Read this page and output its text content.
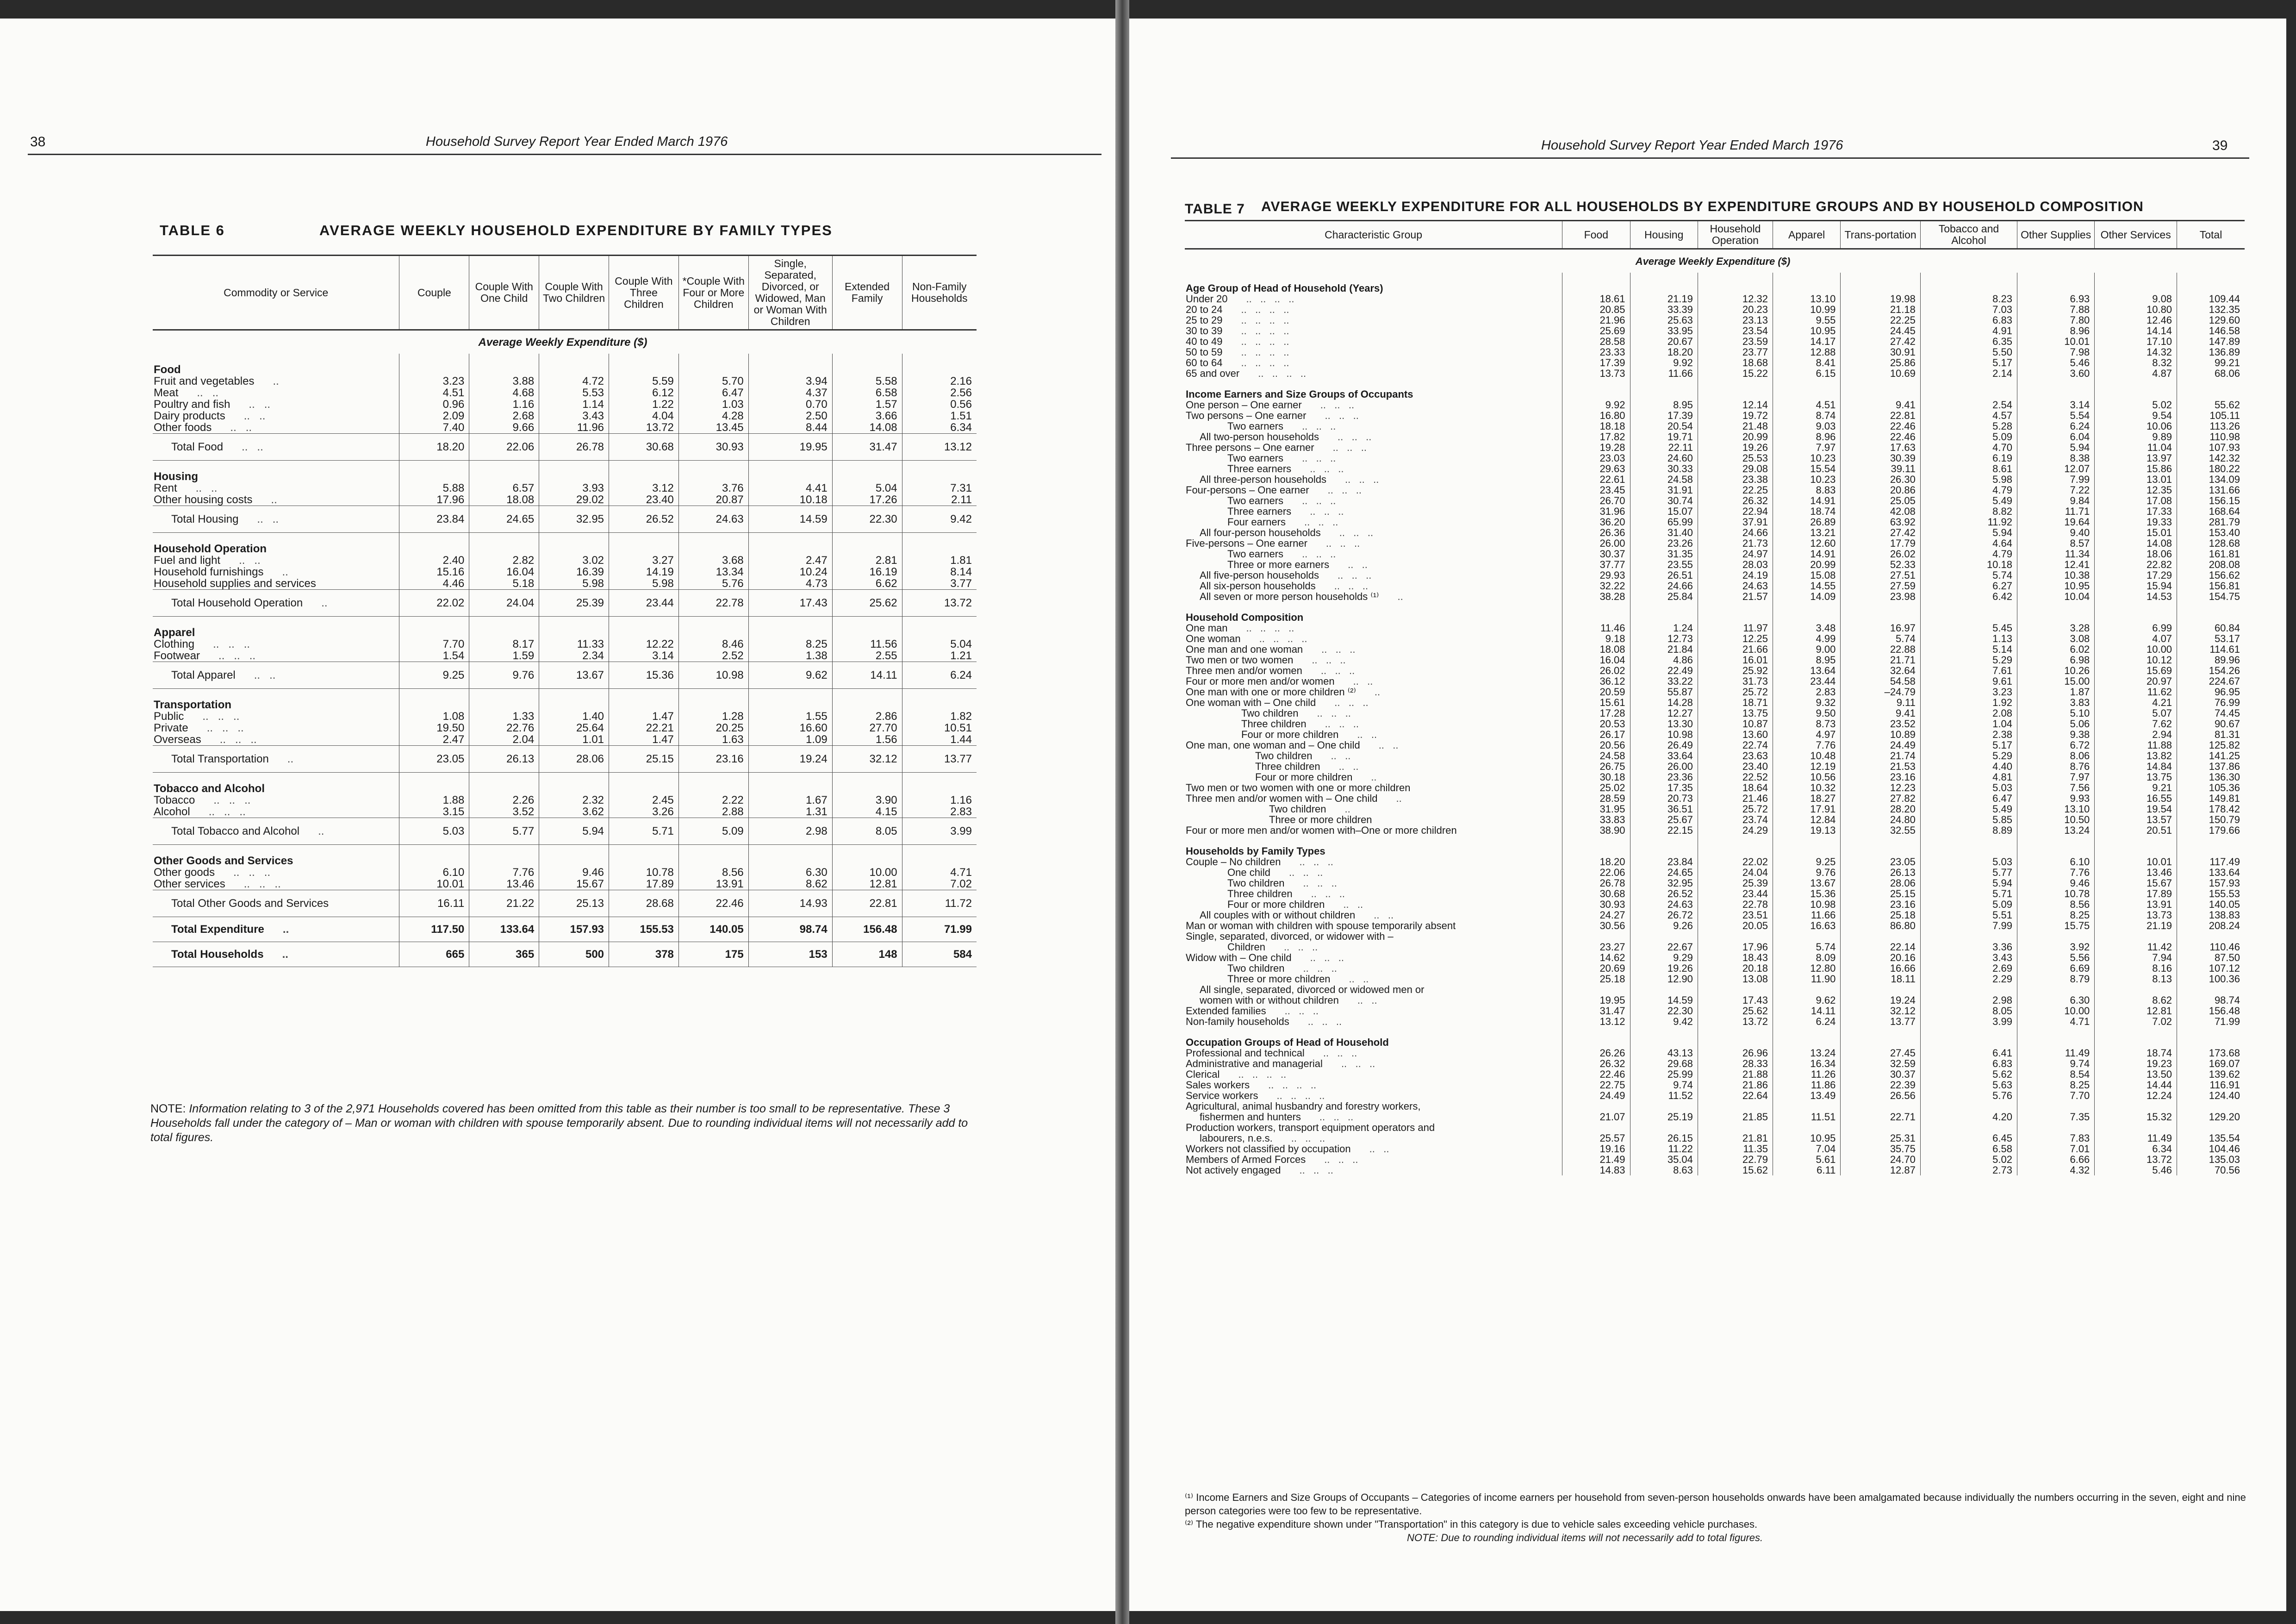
38	Household Survey Report Year Ended March 1976
TABLE 6	AVERAGE WEEKLY HOUSEHOLD EXPENDITURE BY FAMILY TYPES
Commodity or Service	Couple	Couple With One Child	Couple With Two Children	Couple With Three Children	*Couple With Four or More Children	Single, Separated, Divorced, or Widowed, Man or Woman With Children	Extended Family	Non-Family Households
Average Weekly Expenditure ($)								
Food								
Fruit and vegetables ..	3.23	3.88	4.72	5.59	5.70	3.94	5.58	2.16
Meat ..   ..	4.51	4.68	5.53	6.12	6.47	4.37	6.58	2.56
Poultry and fish ..   ..	0.96	1.16	1.14	1.22	1.03	0.70	1.57	0.56
Dairy products ..   ..	2.09	2.68	3.43	4.04	4.28	2.50	3.66	1.51
Other foods ..   ..	7.40	9.66	11.96	13.72	13.45	8.44	14.08	6.34
Total Food ..   ..	18.20	22.06	26.78	30.68	30.93	19.95	31.47	13.12
Housing								
Rent ..   ..	5.88	6.57	3.93	3.12	3.76	4.41	5.04	7.31
Other housing costs ..	17.96	18.08	29.02	23.40	20.87	10.18	17.26	2.11
Total Housing ..   ..	23.84	24.65	32.95	26.52	24.63	14.59	22.30	9.42
Household Operation								
Fuel and light ..   ..	2.40	2.82	3.02	3.27	3.68	2.47	2.81	1.81
Household furnishings ..	15.16	16.04	16.39	14.19	13.34	10.24	16.19	8.14
Household supplies and services	4.46	5.18	5.98	5.98	5.76	4.73	6.62	3.77
Total Household Operation ..	22.02	24.04	25.39	23.44	22.78	17.43	25.62	13.72
Apparel								
Clothing ..   ..   ..	7.70	8.17	11.33	12.22	8.46	8.25	11.56	5.04
Footwear ..   ..   ..	1.54	1.59	2.34	3.14	2.52	1.38	2.55	1.21
Total Apparel ..   ..	9.25	9.76	13.67	15.36	10.98	9.62	14.11	6.24
Transportation								
Public ..   ..   ..	1.08	1.33	1.40	1.47	1.28	1.55	2.86	1.82
Private ..   ..   ..	19.50	22.76	25.64	22.21	20.25	16.60	27.70	10.51
Overseas ..   ..   ..	2.47	2.04	1.01	1.47	1.63	1.09	1.56	1.44
Total Transportation ..	23.05	26.13	28.06	25.15	23.16	19.24	32.12	13.77
Tobacco and Alcohol								
Tobacco ..   ..   ..	1.88	2.26	2.32	2.45	2.22	1.67	3.90	1.16
Alcohol ..   ..   ..	3.15	3.52	3.62	3.26	2.88	1.31	4.15	2.83
Total Tobacco and Alcohol ..	5.03	5.77	5.94	5.71	5.09	2.98	8.05	3.99
Other Goods and Services								
Other goods ..   ..   ..	6.10	7.76	9.46	10.78	8.56	6.30	10.00	4.71
Other services ..   ..   ..	10.01	13.46	15.67	17.89	13.91	8.62	12.81	7.02
Total Other Goods and Services	16.11	21.22	25.13	28.68	22.46	14.93	22.81	11.72
Total Expenditure ..	117.50	133.64	157.93	155.53	140.05	98.74	156.48	71.99
Total Households ..	665	365	500	378	175	153	148	584
NOTE: Information relating to 3 of the 2,971 Households covered has been omitted from this table as their number is too small to be representative. These 3 Households fall under the category of – Man or woman with children with spouse temporarily absent. Due to rounding individual items will not necessarily add to total figures.
Household Survey Report Year Ended March 1976	39
TABLE 7 AVERAGE WEEKLY EXPENDITURE FOR ALL HOUSEHOLDS BY EXPENDITURE GROUPS AND BY HOUSEHOLD COMPOSITION
Characteristic Group	Food	Housing	Household Operation	Apparel	Trans-portation	Tobacco and Alcohol	Other Supplies	Other Services	Total
Average Weekly Expenditure ($)									
Age Group of Head of Household (Years)									
Under 20 ..   ..   ..   ..	18.61	21.19	12.32	13.10	19.98	8.23	6.93	9.08	109.44
20 to 24 ..   ..   ..   ..	20.85	33.39	20.23	10.99	21.18	7.03	7.88	10.80	132.35
25 to 29 ..   ..   ..   ..	21.96	25.63	23.13	9.55	22.25	6.83	7.80	12.46	129.60
30 to 39 ..   ..   ..   ..	25.69	33.95	23.54	10.95	24.45	4.91	8.96	14.14	146.58
40 to 49 ..   ..   ..   ..	28.58	20.67	23.59	14.17	27.42	6.35	10.01	17.10	147.89
50 to 59 ..   ..   ..   ..	23.33	18.20	23.77	12.88	30.91	5.50	7.98	14.32	136.89
60 to 64 ..   ..   ..   ..	17.39	9.92	18.68	8.41	25.86	5.17	5.46	8.32	99.21
65 and over ..   ..   ..   ..	13.73	11.66	15.22	6.15	10.69	2.14	3.60	4.87	68.06
Income Earners and Size Groups of Occupants									
One person – One earner ..   ..   ..	9.92	8.95	12.14	4.51	9.41	2.54	3.14	5.02	55.62
Two persons – One earner ..   ..   ..	16.80	17.39	19.72	8.74	22.81	4.57	5.54	9.54	105.11
Two earners ..   ..   ..	18.18	20.54	21.48	9.03	22.46	5.28	6.24	10.06	113.26
All two-person households ..   ..   ..	17.82	19.71	20.99	8.96	22.46	5.09	6.04	9.89	110.98
Three persons – One earner ..   ..   ..	19.28	22.11	19.26	7.97	17.63	4.70	5.94	11.04	107.93
Two earners ..   ..   ..	23.03	24.60	25.53	10.23	30.39	6.19	8.38	13.97	142.32
Three earners ..   ..   ..	29.63	30.33	29.08	15.54	39.11	8.61	12.07	15.86	180.22
All three-person households ..   ..   ..	22.61	24.58	23.38	10.23	26.30	5.98	7.99	13.01	134.09
Four-persons – One earner ..   ..   ..	23.45	31.91	22.25	8.83	20.86	4.79	7.22	12.35	131.66
Two earners ..   ..   ..	26.70	30.74	26.32	14.91	25.05	5.49	9.84	17.08	156.15
Three earners ..   ..   ..	31.96	15.07	22.94	18.74	42.08	8.82	11.71	17.33	168.64
Four earners ..   ..   ..	36.20	65.99	37.91	26.89	63.92	11.92	19.64	19.33	281.79
All four-person households ..   ..   ..	26.36	31.40	24.66	13.21	27.42	5.94	9.40	15.01	153.40
Five-persons – One earner ..   ..   ..	26.00	23.26	21.73	12.60	17.79	4.64	8.57	14.08	128.68
Two earners ..   ..   ..	30.37	31.35	24.97	14.91	26.02	4.79	11.34	18.06	161.81
Three or more earners ..   ..	37.77	23.55	28.03	20.99	52.33	10.18	12.41	22.82	208.08
All five-person households ..   ..   ..	29.93	26.51	24.19	15.08	27.51	5.74	10.38	17.29	156.62
All six-person households ..   ..   ..	32.22	24.66	24.63	14.55	27.59	6.27	10.95	15.94	156.81
All seven or more person households ⁽¹⁾ ..	38.28	25.84	21.57	14.09	23.98	6.42	10.04	14.53	154.75
Household Composition									
One man ..   ..   ..   ..	11.46	1.24	11.97	3.48	16.97	5.45	3.28	6.99	60.84
One woman ..   ..   ..   ..	9.18	12.73	12.25	4.99	5.74	1.13	3.08	4.07	53.17
One man and one woman ..   ..   ..	18.08	21.84	21.66	9.00	22.88	5.14	6.02	10.00	114.61
Two men or two women ..   ..   ..	16.04	4.86	16.01	8.95	21.71	5.29	6.98	10.12	89.96
Three men and/or women ..   ..   ..	26.02	22.49	25.92	13.64	32.64	7.61	10.26	15.69	154.26
Four or more men and/or women ..   ..	36.12	33.22	31.73	23.44	54.58	9.61	15.00	20.97	224.67
One man with one or more children ⁽²⁾ ..	20.59	55.87	25.72	2.83	–24.79	3.23	1.87	11.62	96.95
One woman with – One child ..   ..   ..	15.61	14.28	18.71	9.32	9.11	1.92	3.83	4.21	76.99
Two children ..   ..   ..	17.28	12.27	13.75	9.50	9.41	2.08	5.10	5.07	74.45
Three children ..   ..   ..	20.53	13.30	10.87	8.73	23.52	1.04	5.06	7.62	90.67
Four or more children ..   ..	26.17	10.98	13.60	4.97	10.89	2.38	9.38	2.94	81.31
One man, one woman and – One child ..   ..	20.56	26.49	22.74	7.76	24.49	5.17	6.72	11.88	125.82
Two children ..   ..	24.58	33.64	23.63	10.48	21.74	5.29	8.06	13.82	141.25
Three children ..   ..	26.75	26.00	23.40	12.19	21.53	4.40	8.76	14.84	137.86
Four or more children ..	30.18	23.36	22.52	10.56	23.16	4.81	7.97	13.75	136.30
Two men or two women with one or more children	25.02	17.35	18.64	10.32	12.23	5.03	7.56	9.21	105.36
Three men and/or women with – One child ..	28.59	20.73	21.46	18.27	27.82	6.47	9.93	16.55	149.81
Two children ..	31.95	36.51	25.72	17.91	28.20	5.49	13.10	19.54	178.42
Three or more children	33.83	25.67	23.74	12.84	24.80	5.85	10.50	13.57	150.79
Four or more men and/or women with–One or more children	38.90	22.15	24.29	19.13	32.55	8.89	13.24	20.51	179.66
Households by Family Types									
Couple – No children ..   ..   ..	18.20	23.84	22.02	9.25	23.05	5.03	6.10	10.01	117.49
One child ..   ..   ..	22.06	24.65	24.04	9.76	26.13	5.77	7.76	13.46	133.64
Two children ..   ..   ..	26.78	32.95	25.39	13.67	28.06	5.94	9.46	15.67	157.93
Three children ..   ..   ..	30.68	26.52	23.44	15.36	25.15	5.71	10.78	17.89	155.53
Four or more children ..   ..	30.93	24.63	22.78	10.98	23.16	5.09	8.56	13.91	140.05
All couples with or without children ..   ..	24.27	26.72	23.51	11.66	25.18	5.51	8.25	13.73	138.83
Man or woman with children with spouse temporarily absent	30.56	9.26	20.05	16.63	86.80	7.99	15.75	21.19	208.24
Single, separated, divorced, or widower with –									
Children ..   ..   ..	23.27	22.67	17.96	5.74	22.14	3.36	3.92	11.42	110.46
Widow with – One child ..   ..   ..	14.62	9.29	18.43	8.09	20.16	3.43	5.56	7.94	87.50
Two children ..   ..   ..	20.69	19.26	20.18	12.80	16.66	2.69	6.69	8.16	107.12
Three or more children ..   ..	25.18	12.90	13.08	11.90	18.11	2.29	8.79	8.13	100.36
All single, separated, divorced or widowed men or									
women with or without children ..   ..	19.95	14.59	17.43	9.62	19.24	2.98	6.30	8.62	98.74
Extended families ..   ..   ..	31.47	22.30	25.62	14.11	32.12	8.05	10.00	12.81	156.48
Non-family households ..   ..   ..	13.12	9.42	13.72	6.24	13.77	3.99	4.71	7.02	71.99
Occupation Groups of Head of Household									
Professional and technical ..   ..   ..	26.26	43.13	26.96	13.24	27.45	6.41	11.49	18.74	173.68
Administrative and managerial ..   ..   ..	26.32	29.68	28.33	16.34	32.59	6.83	9.74	19.23	169.07
Clerical ..   ..   ..   ..	22.46	25.99	21.88	11.26	30.37	5.62	8.54	13.50	139.62
Sales workers ..   ..   ..   ..	22.75	9.74	21.86	11.86	22.39	5.63	8.25	14.44	116.91
Service workers ..   ..   ..   ..	24.49	11.52	22.64	13.49	26.56	5.76	7.70	12.24	124.40
Agricultural, animal husbandry and forestry workers,									
fishermen and hunters ..   ..   ..	21.07	25.19	21.85	11.51	22.71	4.20	7.35	15.32	129.20
Production workers, transport equipment operators and									
labourers, n.e.s. ..   ..   ..	25.57	26.15	21.81	10.95	25.31	6.45	7.83	11.49	135.54
Workers not classified by occupation ..   ..	19.16	11.22	11.35	7.04	35.75	6.58	7.01	6.34	104.46
Members of Armed Forces ..   ..   ..	21.49	35.04	22.79	5.61	24.70	5.02	6.66	13.72	135.03
Not actively engaged ..   ..   ..	14.83	8.63	15.62	6.11	12.87	2.73	4.32	5.46	70.56
⁽¹⁾ Income Earners and Size Groups of Occupants – Categories of income earners per household from seven-person households onwards have been amalgamated because individually the numbers occurring in the seven, eight and nine person categories were too few to be representative.
⁽²⁾ The negative expenditure shown under "Transportation" in this category is due to vehicle sales exceeding vehicle purchases.
NOTE: Due to rounding individual items will not necessarily add to total figures.
